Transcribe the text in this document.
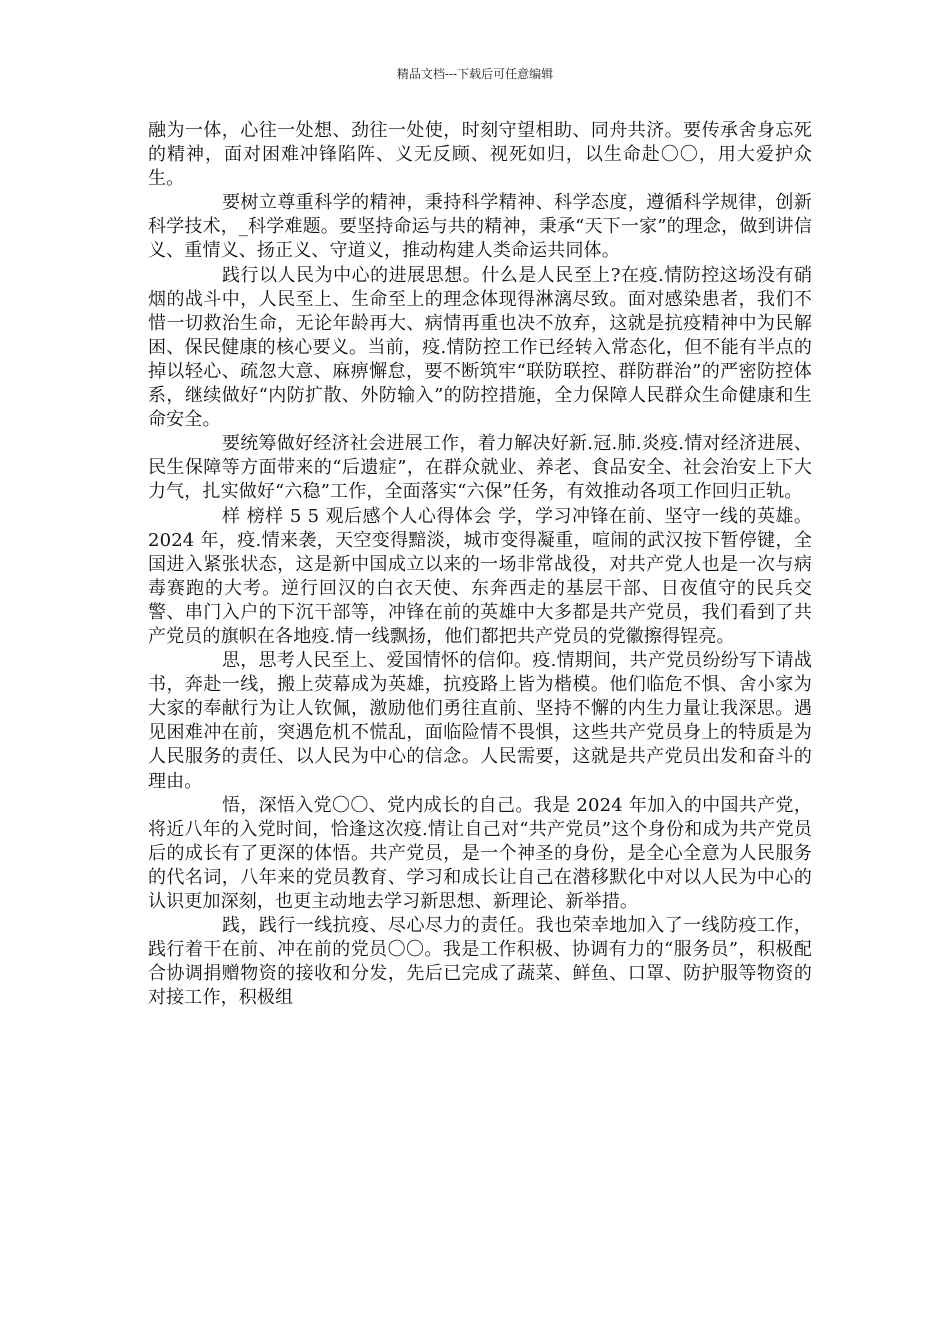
精品文档---下载后可任意编辑

融为一体，心往一处想、劲往一处使，时刻守望相助、同舟共济。要传承舍身忘死的精神，面对困难冲锋陷阵、义无反顾、视死如归，以生命赴〇〇，用大爱护众生。

要树立尊重科学的精神，秉持科学精神、科学态度，遵循科学规律，创新科学技术，_科学难题。要坚持命运与共的精神，秉承“天下一家”的理念，做到讲信义、重情义、扬正义、守道义，推动构建人类命运共同体。

践行以人民为中心的进展思想。什么是人民至上?在疫.情防控这场没有硝烟的战斗中，人民至上、生命至上的理念体现得淋漓尽致。面对感染患者，我们不惜一切救治生命，无论年龄再大、病情再重也决不放弃，这就是抗疫精神中为民解困、保民健康的核心要义。当前，疫.情防控工作已经转入常态化，但不能有半点的掉以轻心、疏忽大意、麻痹懈怠，要不断筑牢“联防联控、群防群治”的严密防控体系，继续做好“内防扩散、外防输入”的防控措施，全力保障人民群众生命健康和生命安全。

要统筹做好经济社会进展工作，着力解决好新.冠.肺.炎疫.情对经济进展、民生保障等方面带来的“后遗症”，在群众就业、养老、食品安全、社会治安上下大力气，扎实做好“六稳”工作，全面落实“六保”任务，有效推动各项工作回归正轨。

样 榜样 5 5 观后感个人心得体会 学，学习冲锋在前、坚守一线的英雄。2024 年，疫.情来袭，天空变得黯淡，城市变得凝重，喧闹的武汉按下暂停键，全国进入紧张状态，这是新中国成立以来的一场非常战役，对共产党人也是一次与病毒赛跑的大考。逆行回汉的白衣天使、东奔西走的基层干部、日夜值守的民兵交警、串门入户的下沉干部等，冲锋在前的英雄中大多都是共产党员，我们看到了共产党员的旗帜在各地疫.情一线飘扬，他们都把共产党员的党徽擦得锃亮。

思，思考人民至上、爱国情怀的信仰。疫.情期间，共产党员纷纷写下请战书，奔赴一线，搬上荧幕成为英雄，抗疫路上皆为楷模。他们临危不惧、舍小家为大家的奉献行为让人钦佩，激励他们勇往直前、坚持不懈的内生力量让我深思。遇见困难冲在前，突遇危机不慌乱，面临险情不畏惧，这些共产党员身上的特质是为人民服务的责任、以人民为中心的信念。人民需要，这就是共产党员出发和奋斗的理由。

悟，深悟入党〇〇、党内成长的自己。我是 2024 年加入的中国共产党，将近八年的入党时间，恰逢这次疫.情让自己对“共产党员”这个身份和成为共产党员后的成长有了更深的体悟。共产党员，是一个神圣的身份，是全心全意为人民服务的代名词，八年来的党员教育、学习和成长让自己在潜移默化中对以人民为中心的认识更加深刻，也更主动地去学习新思想、新理论、新举措。

践，践行一线抗疫、尽心尽力的责任。我也荣幸地加入了一线防疫工作，践行着干在前、冲在前的党员〇〇。我是工作积极、协调有力的“服务员”，积极配合协调捐赠物资的接收和分发，先后已完成了蔬菜、鲜鱼、口罩、防护服等物资的对接工作，积极组
